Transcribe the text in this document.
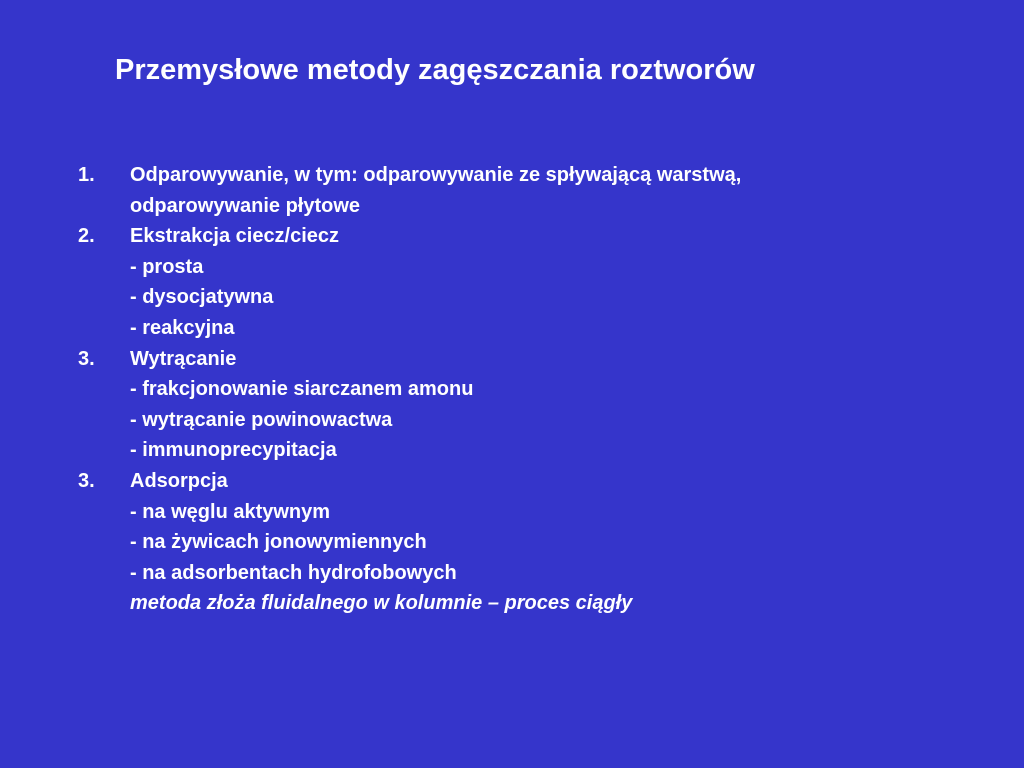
Przemysłowe metody zagęszczania roztworów
1. Odparowywanie, w tym: odparowywanie ze spływającą warstwą,
odparowywanie płytowe
2. Ekstrakcja ciecz/ciecz
- prosta
- dysocjatywna
- reakcyjna
3. Wytrącanie
- frakcjonowanie siarczanem amonu
- wytrącanie powinowactwa
- immunoprecypitacja
3. Adsorpcja
- na węglu aktywnym
- na żywicach jonowymiennych
- na adsorbentach hydrofobowych
metoda złoża fluidalnego w kolumnie – proces ciągły
